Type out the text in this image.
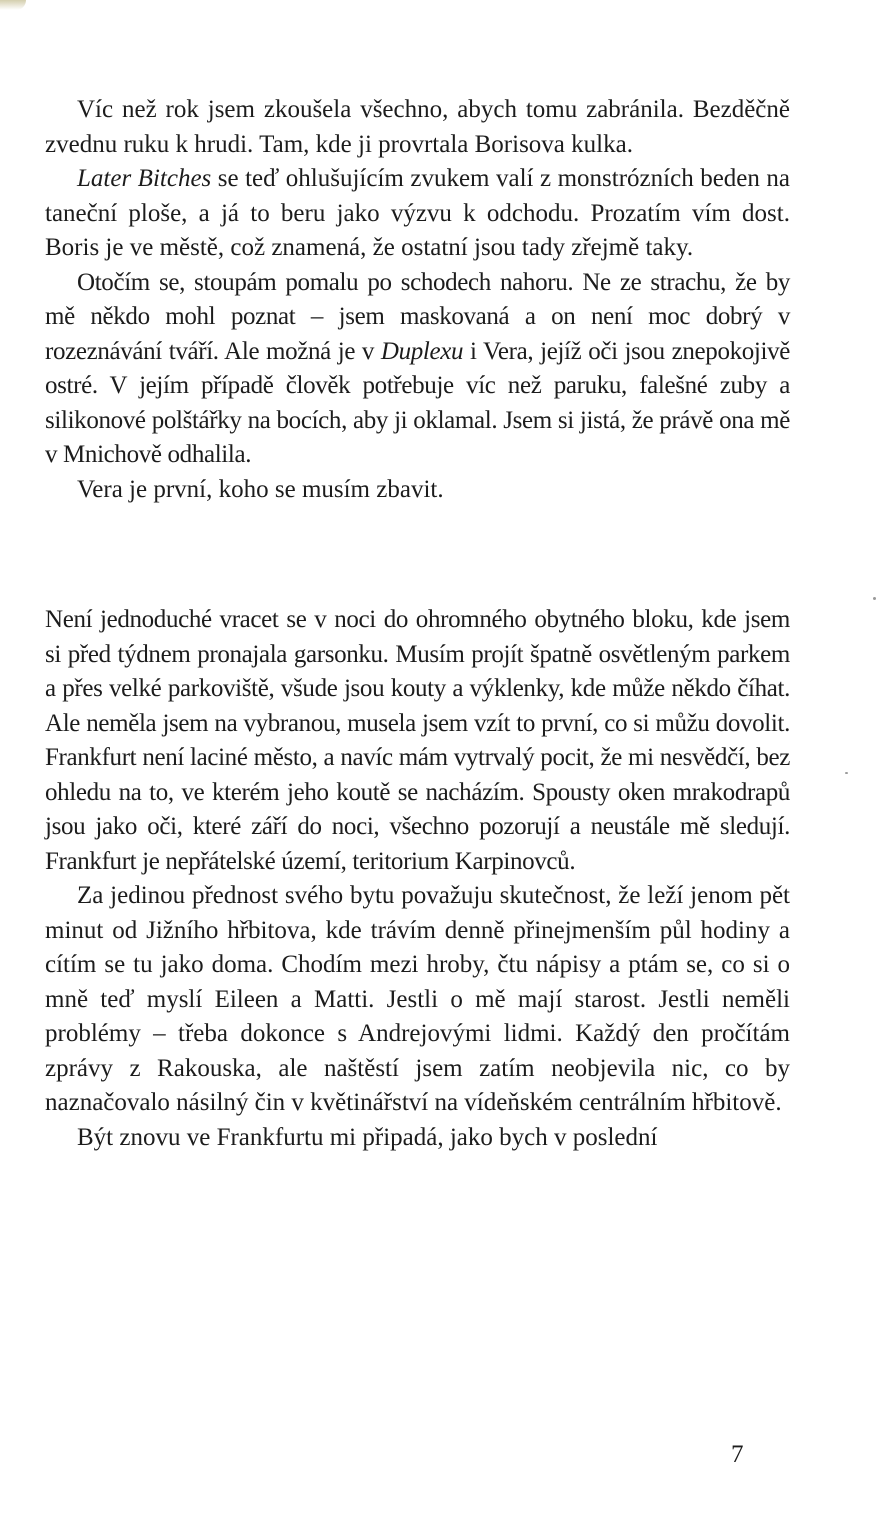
Víc než rok jsem zkoušela všechno, abych tomu zabránila. Bezděčně zvednu ruku k hrudi. Tam, kde ji provrtala Borisova kulka.

Later Bitches se teď ohlušujícím zvukem valí z monstrózních beden na taneční ploše, a já to beru jako výzvu k odchodu. Prozatím vím dost. Boris je ve městě, což znamená, že ostatní jsou tady zřejmě taky.

Otočím se, stoupám pomalu po schodech nahoru. Ne ze strachu, že by mě někdo mohl poznat – jsem maskovaná a on není moc dobrý v rozeznávání tváří. Ale možná je v Duplexu i Vera, jejíž oči jsou znepokojivě ostré. V jejím případě člověk potřebuje víc než paruku, falešné zuby a silikonové polštářky na bocích, aby ji oklamal. Jsem si jistá, že právě ona mě v Mnichově odhalila.

Vera je první, koho se musím zbavit.

Není jednoduché vracet se v noci do ohromného obytného bloku, kde jsem si před týdnem pronajala garsonku. Musím projít špatně osvětleným parkem a přes velké parkoviště, všude jsou kouty a výklenky, kde může někdo číhat. Ale neměla jsem na vybranou, musela jsem vzít to první, co si můžu dovolit. Frankfurt není laciné město, a navíc mám vytrvalý pocit, že mi nesvědčí, bez ohledu na to, ve kterém jeho koutě se nacházím. Spousty oken mrakodrapů jsou jako oči, které září do noci, všechno pozorují a neustále mě sledují. Frankfurt je nepřátelské území, teritorium Karpinovců.

Za jedinou přednost svého bytu považuju skutečnost, že leží jenom pět minut od Jižního hřbitova, kde trávím denně přinejmenším půl hodiny a cítím se tu jako doma. Chodím mezi hroby, čtu nápisy a ptám se, co si o mně teď myslí Eileen a Matti. Jestli o mě mají starost. Jestli neměli problémy – třeba dokonce s Andrejovými lidmi. Každý den pročítám zprávy z Rakouska, ale naštěstí jsem zatím neobjevila nic, co by naznačovalo násilný čin v květinářství na vídeňském centrálním hřbitově.

Být znovu ve Frankfurtu mi připadá, jako bych v poslední

7
